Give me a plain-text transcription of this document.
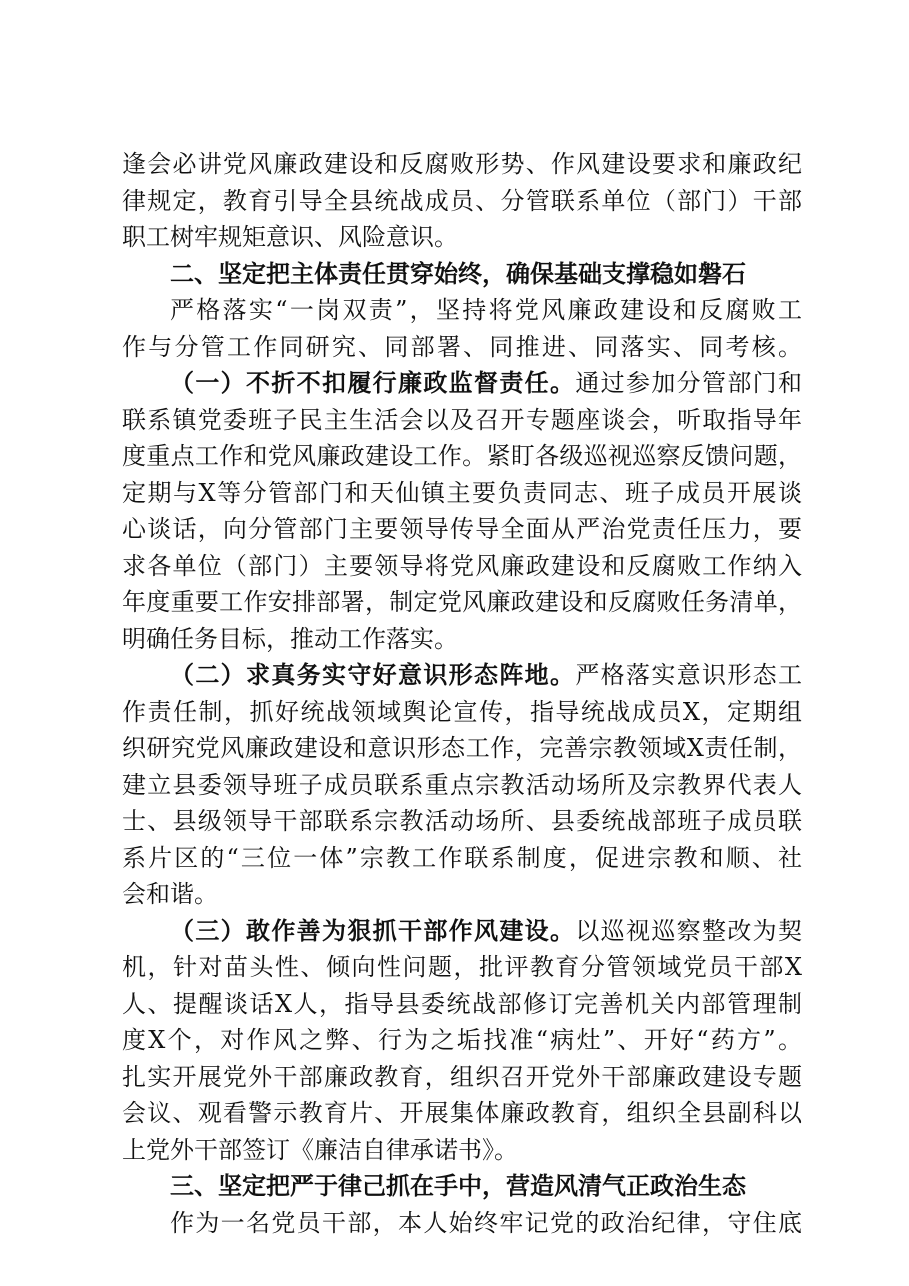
逢会必讲党风廉政建设和反腐败形势、作风建设要求和廉政纪
律规定，教育引导全县统战成员、分管联系单位（部门）干部
职工树牢规矩意识、风险意识。
二、坚定把主体责任贯穿始终，确保基础支撑稳如磐石
严格落实“一岗双责”，坚持将党风廉政建设和反腐败工
作与分管工作同研究、同部署、同推进、同落实、同考核。
（一）不折不扣履行廉政监督责任。通过参加分管部门和
联系镇党委班子民主生活会以及召开专题座谈会，听取指导年
度重点工作和党风廉政建设工作。紧盯各级巡视巡察反馈问题，
定期与X等分管部门和天仙镇主要负责同志、班子成员开展谈
心谈话，向分管部门主要领导传导全面从严治党责任压力，要
求各单位（部门）主要领导将党风廉政建设和反腐败工作纳入
年度重要工作安排部署，制定党风廉政建设和反腐败任务清单，
明确任务目标，推动工作落实。
（二）求真务实守好意识形态阵地。严格落实意识形态工
作责任制，抓好统战领域舆论宣传，指导统战成员X，定期组
织研究党风廉政建设和意识形态工作，完善宗教领域X责任制，
建立县委领导班子成员联系重点宗教活动场所及宗教界代表人
士、县级领导干部联系宗教活动场所、县委统战部班子成员联
系片区的“三位一体”宗教工作联系制度，促进宗教和顺、社
会和谐。
（三）敢作善为狠抓干部作风建设。以巡视巡察整改为契
机，针对苗头性、倾向性问题，批评教育分管领域党员干部X
人、提醒谈话X人，指导县委统战部修订完善机关内部管理制
度X个，对作风之弊、行为之垢找准“病灶”、开好“药方”。
扎实开展党外干部廉政教育，组织召开党外干部廉政建设专题
会议、观看警示教育片、开展集体廉政教育，组织全县副科以
上党外干部签订《廉洁自律承诺书》。
三、坚定把严于律己抓在手中，营造风清气正政治生态
作为一名党员干部，本人始终牢记党的政治纪律，守住底
